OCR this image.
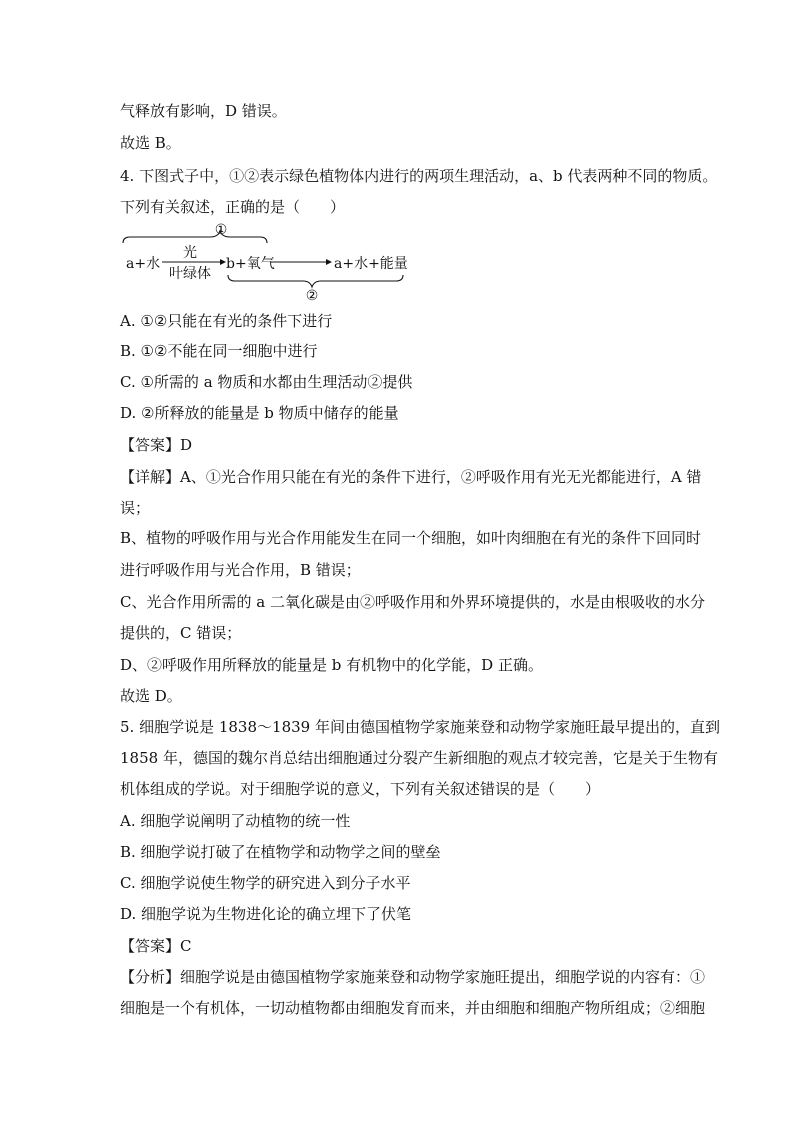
气释放有影响，D 错误。
故选 B。
4. 下图式子中，①②表示绿色植物体内进行的两项生理活动，a、b 代表两种不同的物质。
下列有关叙述，正确的是（　　）
①
a+水
光
叶绿体
b+氧气	a+水+能量
②
A. ①②只能在有光的条件下进行
B. ①②不能在同一细胞中进行
C. ①所需的 a 物质和水都由生理活动②提供
D. ②所释放的能量是 b 物质中储存的能量
【答案】D
【详解】A、①光合作用只能在有光的条件下进行，②呼吸作用有光无光都能进行，A 错
误；
B、植物的呼吸作用与光合作用能发生在同一个细胞，如叶肉细胞在有光的条件下回同时
进行呼吸作用与光合作用，B 错误；
C、光合作用所需的 a 二氧化碳是由②呼吸作用和外界环境提供的，水是由根吸收的水分
提供的，C 错误；
D、②呼吸作用所释放的能量是 b 有机物中的化学能，D 正确。
故选 D。
5. 细胞学说是 1838～1839 年间由德国植物学家施莱登和动物学家施旺最早提出的，直到
1858 年，德国的魏尔肖总结出细胞通过分裂产生新细胞的观点才较完善，它是关于生物有
机体组成的学说。对于细胞学说的意义，下列有关叙述错误的是（　　）
A. 细胞学说阐明了动植物的统一性
B. 细胞学说打破了在植物学和动物学之间的壁垒
C. 细胞学说使生物学的研究进入到分子水平
D. 细胞学说为生物进化论的确立埋下了伏笔
【答案】C
【分析】细胞学说是由德国植物学家施莱登和动物学家施旺提出，细胞学说的内容有：①
细胞是一个有机体，一切动植物都由细胞发育而来，并由细胞和细胞产物所组成；②细胞
